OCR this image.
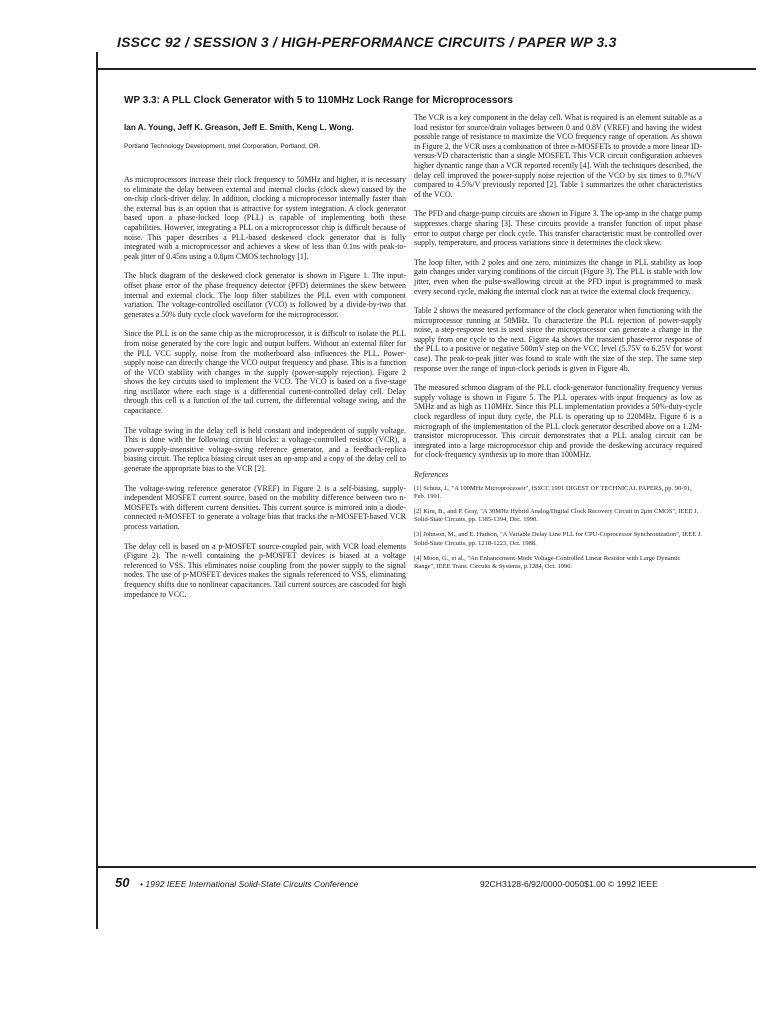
ISSCC 92 / SESSION 3 / HIGH-PERFORMANCE CIRCUITS / PAPER WP 3.3
WP 3.3: A PLL Clock Generator with 5 to 110MHz Lock Range for Microprocessors
Ian A. Young, Jeff K. Greason, Jeff E. Smith, Keng L. Wong.
Portland Technology Development, Intel Corporation, Portland, OR.

As microprocessors increase their clock frequency to 50MHz and higher, it is necessary to eliminate the delay between external and internal clocks (clock skew) caused by the on-chip clock-driver delay. In addition, clocking a microprocessor internally faster than the external bus is an option that is attractive for system integration. A clock generator based upon a phase-locked loop (PLL) is capable of implementing both these capabilities. However, integrating a PLL on a microprocessor chip is difficult because of noise. This paper describes a PLL-based deskewed clock generator that is fully integrated with a microprocessor and achieves a skew of less than 0.1ns with peak-to-peak jitter of 0.45ns using a 0.8μm CMOS technology [1].

The block diagram of the deskewed clock generator is shown in Figure 1. The input-offset phase error of the phase frequency detector (PFD) determines the skew between internal and external clock. The loop filter stabilizes the PLL even with component variation. The voltage-controlled oscillator (VCO) is followed by a divide-by-two that generates a 50% duty cycle clock waveform for the microprocessor.

Since the PLL is on the same chip as the microprocessor, it is difficult to isolate the PLL from noise generated by the core logic and output buffers. Without an external filter for the PLL VCC supply, noise from the motherboard also influences the PLL. Power-supply noise can directly change the VCO output frequency and phase. This is a function of the VCO stability with changes in the supply (power-supply rejection). Figure 2 shows the key circuits used to implement the VCO. The VCO is based on a five-stage ring oscillator where each stage is a differential current-controlled delay cell. Delay through this cell is a function of the tail current, the differential voltage swing, and the capacitance.

The voltage swing in the delay cell is held constant and independent of supply voltage. This is done with the following circuit blocks: a voltage-controlled resistor (VCR), a power-supply-insensitive voltage-swing reference generator, and a feedback-replica biasing circuit. The replica biasing circuit uses an op-amp and a copy of the delay cell to generate the appropriate bias to the VCR [2].

The voltage-swing reference generator (VREF) in Figure 2 is a self-biasing, supply-independent MOSFET current source, based on the mobility difference between two n-MOSFETs with different current densities. This current source is mirrored into a diode-connected n-MOSFET to generate a voltage bias that tracks the n-MOSFET-based VCR process variation.

The delay cell is based on a p-MOSFET source-coupled pair, with VCR load elements (Figure 2). The n-well containing the p-MOSFET devices is biased at a voltage referenced to VSS. This eliminates noise coupling from the power supply to the signal nodes. The use of p-MOSFET devices makes the signals referenced to VSS, eliminating frequency shifts due to nonlinear capacitances. Tail current sources are cascoded for high impedance to VCC.

The VCR is a key component in the delay cell. What is required is an element suitable as a load resistor for source/drain voltages between 0 and 0.8V (VREF) and having the widest possible range of resistance to maximize the VCO frequency range of operation. As shown in Figure 2, the VCR uses a combination of three n-MOSFETs to provide a more linear ID-versus-VD characteristic than a single MOSFET. This VCR circuit configuration achieves higher dynamic range than a VCR reported recently [4]. With the techniques described, the delay cell improved the power-supply noise rejection of the VCO by six times to 0.7%/V compared to 4.5%/V previously reported [2]. Table 1 summarizes the other characteristics of the VCO.

The PFD and charge-pump circuits are shown in Figure 3. The op-amp in the charge pump suppresses charge sharing [3]. These circuits provide a transfer function of input phase error to output charge per clock cycle. This transfer characteristic must be controlled over supply, temperature, and process variations since it determines the clock skew.

The loop filter, with 2 poles and one zero, minimizes the change in PLL stability as loop gain changes under varying conditions of the circuit (Figure 3). The PLL is stable with low jitter, even when the pulse-swallowing circuit at the PFD input is programmed to mask every second cycle, making the internal clock run at twice the external clock frequency.

Table 2 shows the measured performance of the clock generator when functioning with the microprocessor running at 50MHz. To characterize the PLL rejection of power-supply noise, a step-response test is used since the microprocessor can generate a change in the supply from one cycle to the next. Figure 4a shows the transient phase-error response of the PLL to a positive or negative 500mV step on the VCC level (5.75V to 6.25V for worst case). The peak-to-peak jitter was found to scale with the size of the step. The same step response over the range of input-clock periods is given in Figure 4b.

The measured schmoo diagram of the PLL clock-generator functionality frequency versus supply voltage is shown in Figure 5. The PLL operates with input frequency as low as 5MHz and as high as 110MHz. Since this PLL implementation provides a 50%-duty-cycle clock regardless of input duty cycle, the PLL is operating up to 220MHz. Figure 6 is a micrograph of the implementation of the PLL clock generator described above on a 1.2M-transistor microprocessor. This circuit demonstrates that a PLL analog circuit can be integrated into a large microprocessor chip and provide the deskewing accuracy required for clock-frequency synthesis up to more than 100MHz.

References
[1] Schutz, J., "A 100MHz Microprocessor", ISSCC 1991 DIGEST OF TECHNICAL PAPERS, pp. 90-91, Feb. 1991.
[2] Kim, B., and P. Gray, "A 30MHz Hybrid Analog/Digital Clock Recovery Circuit in 2μm CMOS", IEEE J. Solid-State Circuits, pp. 1385-1394, Dec. 1990.
[3] Johnson, M., and E. Hudson, "A Variable Delay Line PLL for CPU-Coprocessor Synchronization", IEEE J. Solid-State Circuits, pp. 1218-1223, Oct. 1988.
[4] Moon, G., et al., "An Enhancement-Mode Voltage-Controlled Linear Resistor with Large Dynamic Range", IEEE Trans. Circuits & Systems, p.1284, Oct. 1990.
50 • 1992 IEEE International Solid-State Circuits Conference	92CH3128-6/92/0000-0050$1.00 © 1992 IEEE
